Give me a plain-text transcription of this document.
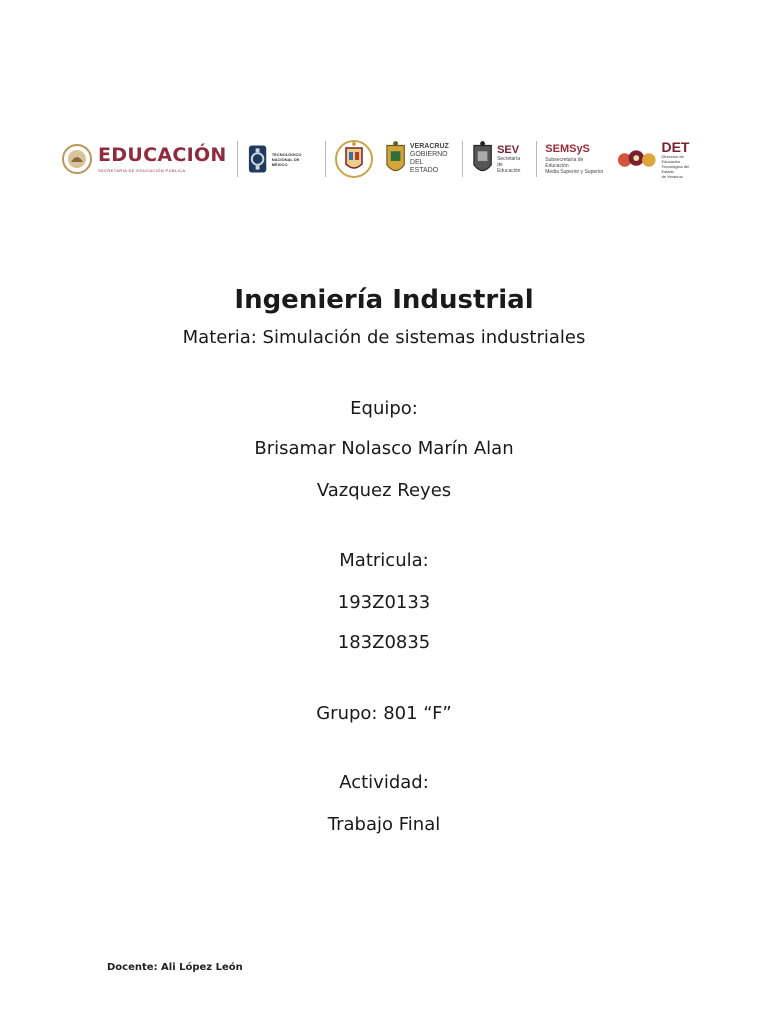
EDUCACIÓN
SECRETARÍA DE EDUCACIÓN PÚBLICA
TECNOLÓGICO
NACIONAL DE MÉXICO
VERACRUZ
GOBIERNO
DEL ESTADO
SEV
Secretaría
de Educación
SEMSyS
Subsecretaría de Educación
Media Superior y Superior
DET
Dirección de Educación
Tecnológica del Estado
de Veracruz
Ingeniería Industrial
Materia: Simulación de sistemas industriales
Equipo:
Brisamar Nolasco Marín Alan
Vazquez Reyes
Matricula:
193Z0133
183Z0835
Grupo: 801 “F”
Actividad:
Trabajo Final
Docente: Ali López León
